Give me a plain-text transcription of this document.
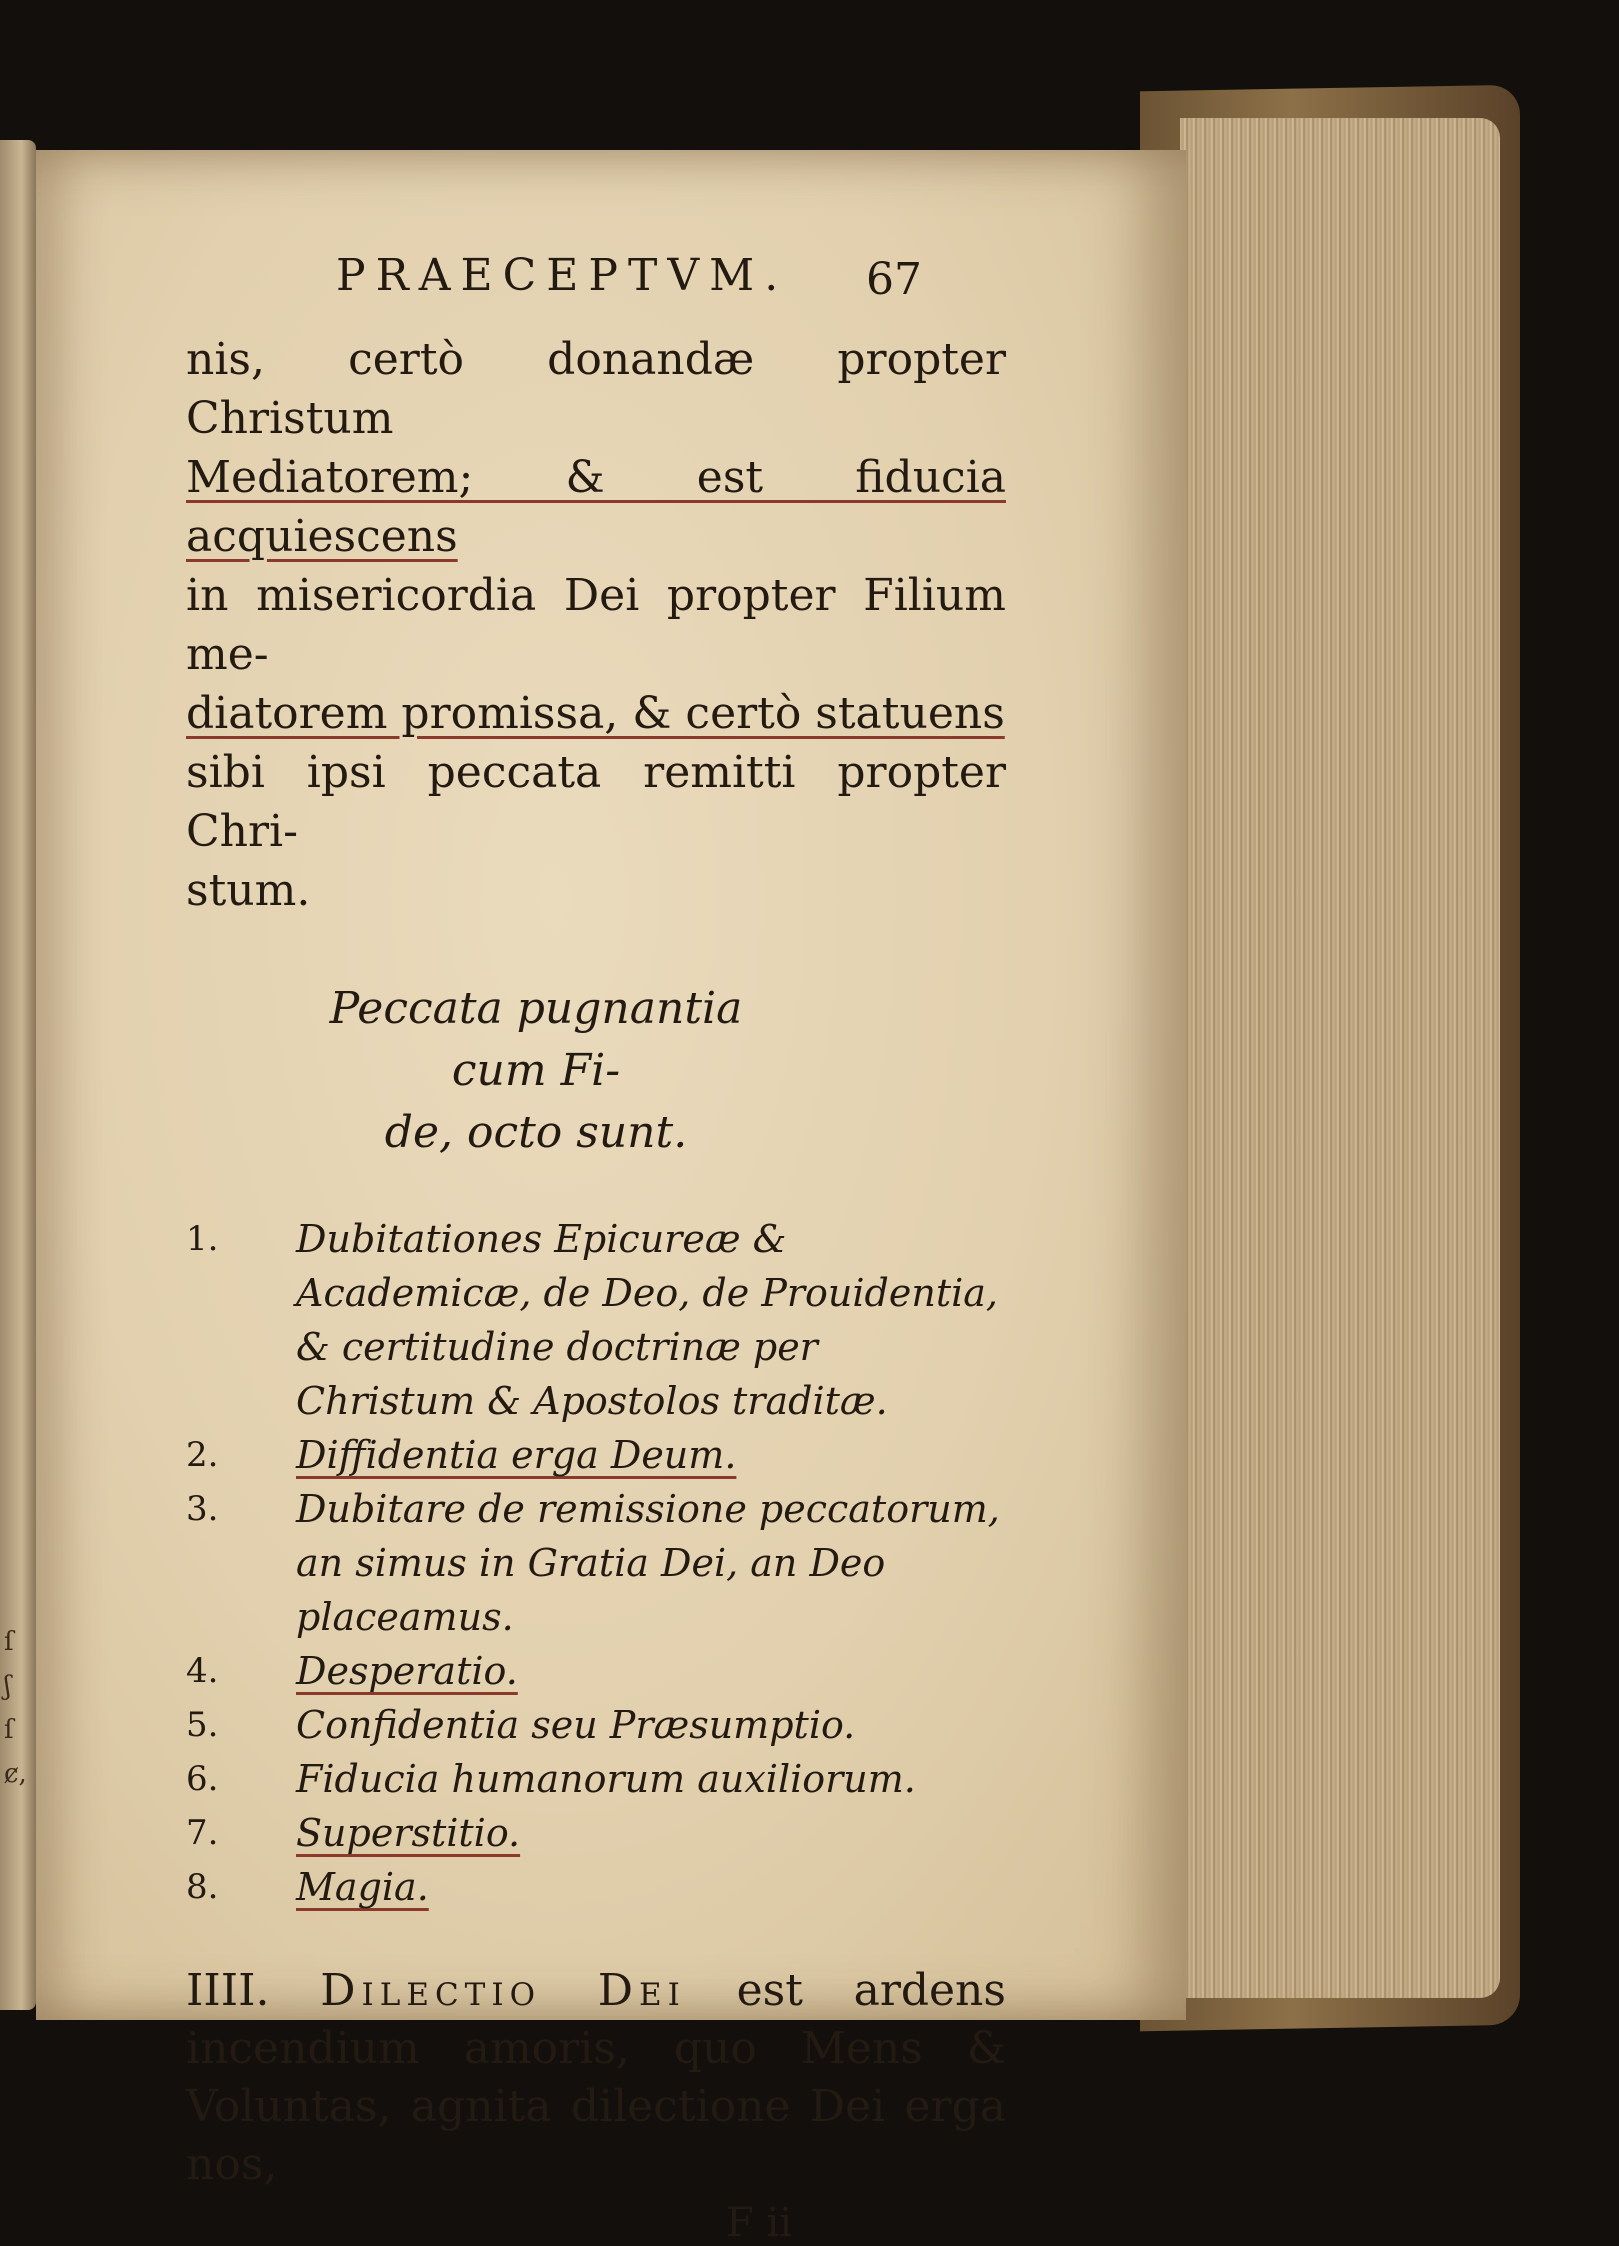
ſ
ʃ
ſ
ȼ,
PRAECEPTVM. 67

nis, certò donandæ propter Christum
Mediatorem; & est fiducia acquiescens
in misericordia Dei propter Filium me-
diatorem promissa, & certò statuens
sibi ipsi peccata remitti propter Chri-
stum.

Peccata pugnantia cum Fi-
de, octo sunt.

1. Dubitationes Epicureæ & Academicæ, de Deo, de Prouidentia, & certitudine doctrinæ per Christum & Apostolos traditæ.
2. Diffidentia erga Deum.
3. Dubitare de remissione peccatorum, an simus in Gratia Dei, an Deo placeamus.
4. Desperatio.
5. Confidentia seu Præsumptio.
6. Fiducia humanorum auxiliorum.
7. Superstitio.
8. Magia.

IIII. Dilectio Dei est ardens incendium amoris, quo Mens & Voluntas, agnita dilectione Dei erga nos,

F ii
